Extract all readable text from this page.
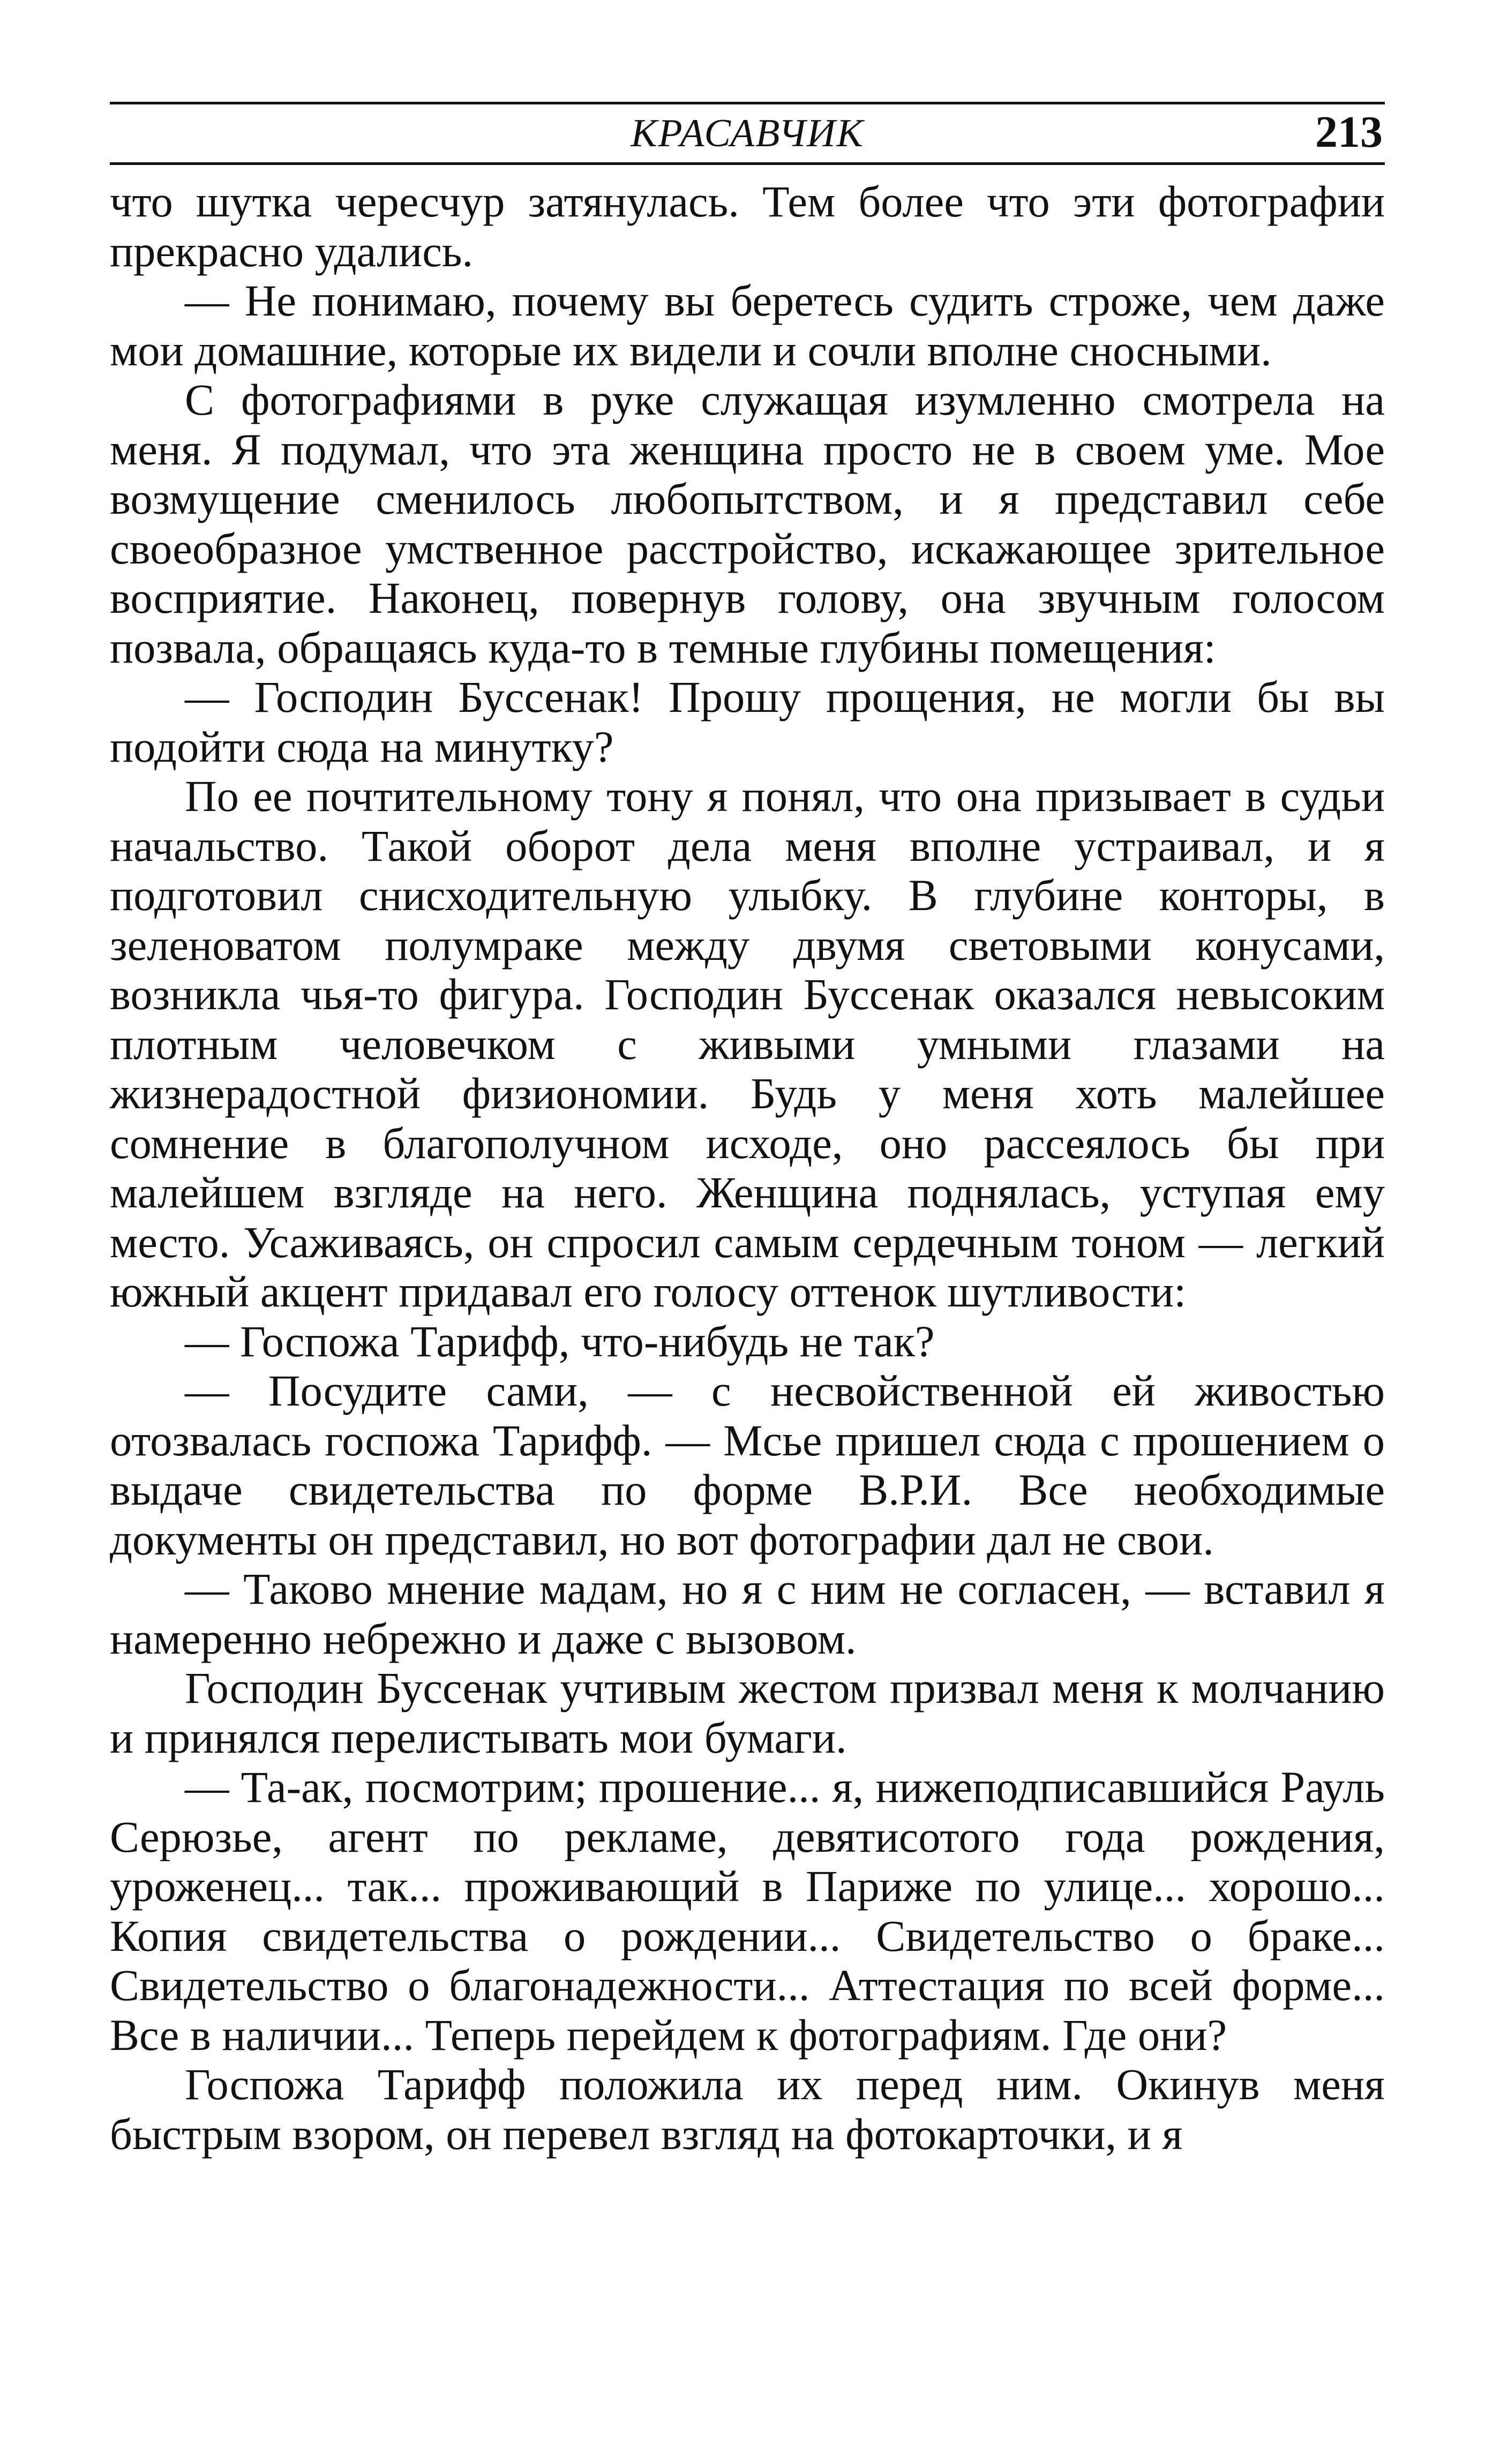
КРАСАВЧИК	213

что шутка чересчур затянулась. Тем более что эти фотографии прекрасно удались.

— Не понимаю, почему вы беретесь судить строже, чем даже мои домашние, которые их видели и сочли вполне сносными.

С фотографиями в руке служащая изумленно смотрела на меня. Я подумал, что эта женщина просто не в своем уме. Мое возмущение сменилось любопытством, и я представил себе своеобразное умственное расстройство, искажающее зрительное восприятие. Наконец, повернув голову, она звучным голосом позвала, обращаясь куда-то в темные глубины помещения:

— Господин Буссенак! Прошу прощения, не могли бы вы подойти сюда на минутку?

По ее почтительному тону я понял, что она призывает в судьи начальство. Такой оборот дела меня вполне устраивал, и я подготовил снисходительную улыбку. В глубине конторы, в зеленоватом полумраке между двумя световыми конусами, возникла чья-то фигура. Господин Буссенак оказался невысоким плотным человечком с живыми умными глазами на жизнерадостной физиономии. Будь у меня хоть малейшее сомнение в благополучном исходе, оно рассеялось бы при малейшем взгляде на него. Женщина поднялась, уступая ему место. Усаживаясь, он спросил самым сердечным тоном — легкий южный акцент придавал его голосу оттенок шутливости:

— Госпожа Тарифф, что-нибудь не так?

— Посудите сами, — с несвойственной ей живостью отозвалась госпожа Тарифф. — Мсье пришел сюда с прошением о выдаче свидетельства по форме В.Р.И. Все необходимые документы он представил, но вот фотографии дал не свои.

— Таково мнение мадам, но я с ним не согласен, — вставил я намеренно небрежно и даже с вызовом.

Господин Буссенак учтивым жестом призвал меня к молчанию и принялся перелистывать мои бумаги.

— Та-ак, посмотрим; прошение... я, нижеподписавшийся Рауль Серюзье, агент по рекламе, девятисотого года рождения, уроженец... так... проживающий в Париже по улице... хорошо... Копия свидетельства о рождении... Свидетельство о браке... Свидетельство о благонадежности... Аттестация по всей форме... Все в наличии... Теперь перейдем к фотографиям. Где они?

Госпожа Тарифф положила их перед ним. Окинув меня быстрым взором, он перевел взгляд на фотокарточки, и я
